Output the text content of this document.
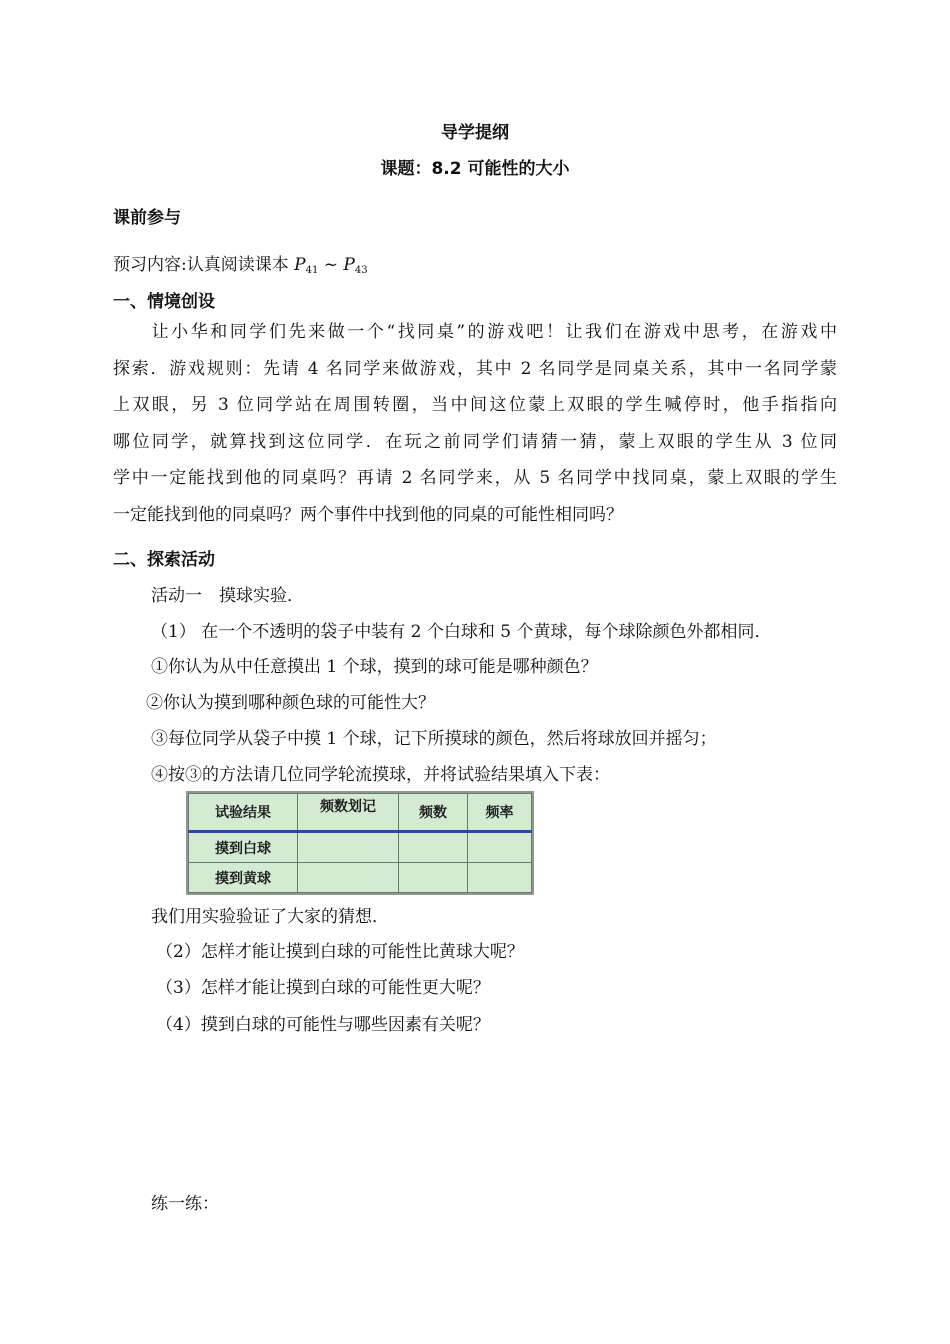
导学提纲
课题：8.2 可能性的大小
课前参与
预习内容:认真阅读课本 $P_{41}$ ~ $P_{43}$
一、情境创设
让小华和同学们先来做一个“找同桌”的游戏吧！让我们在游戏中思考，在游戏中
探索．游戏规则：先请 4 名同学来做游戏，其中 2 名同学是同桌关系，其中一名同学蒙
上双眼，另 3 位同学站在周围转圈，当中间这位蒙上双眼的学生喊停时，他手指指向
哪位同学，就算找到这位同学．在玩之前同学们请猜一猜，蒙上双眼的学生从 3 位同
学中一定能找到他的同桌吗？再请 2 名同学来，从 5 名同学中找同桌，蒙上双眼的学生
一定能找到他的同桌吗？两个事件中找到他的同桌的可能性相同吗？
二、探索活动
活动一　摸球实验．
（1） 在一个不透明的袋子中装有 2 个白球和 5 个黄球，每个球除颜色外都相同．
①你认为从中任意摸出 1 个球，摸到的球可能是哪种颜色？
②你认为摸到哪种颜色球的可能性大？
③每位同学从袋子中摸 1 个球，记下所摸球的颜色，然后将球放回并摇匀；
④按③的方法请几位同学轮流摸球，并将试验结果填入下表：
试验结果	频数划记	频数	频率
摸到白球			
摸到黄球			
我们用实验验证了大家的猜想．
（2）怎样才能让摸到白球的可能性比黄球大呢？
（3）怎样才能让摸到白球的可能性更大呢？
（4）摸到白球的可能性与哪些因素有关呢？
练一练：
